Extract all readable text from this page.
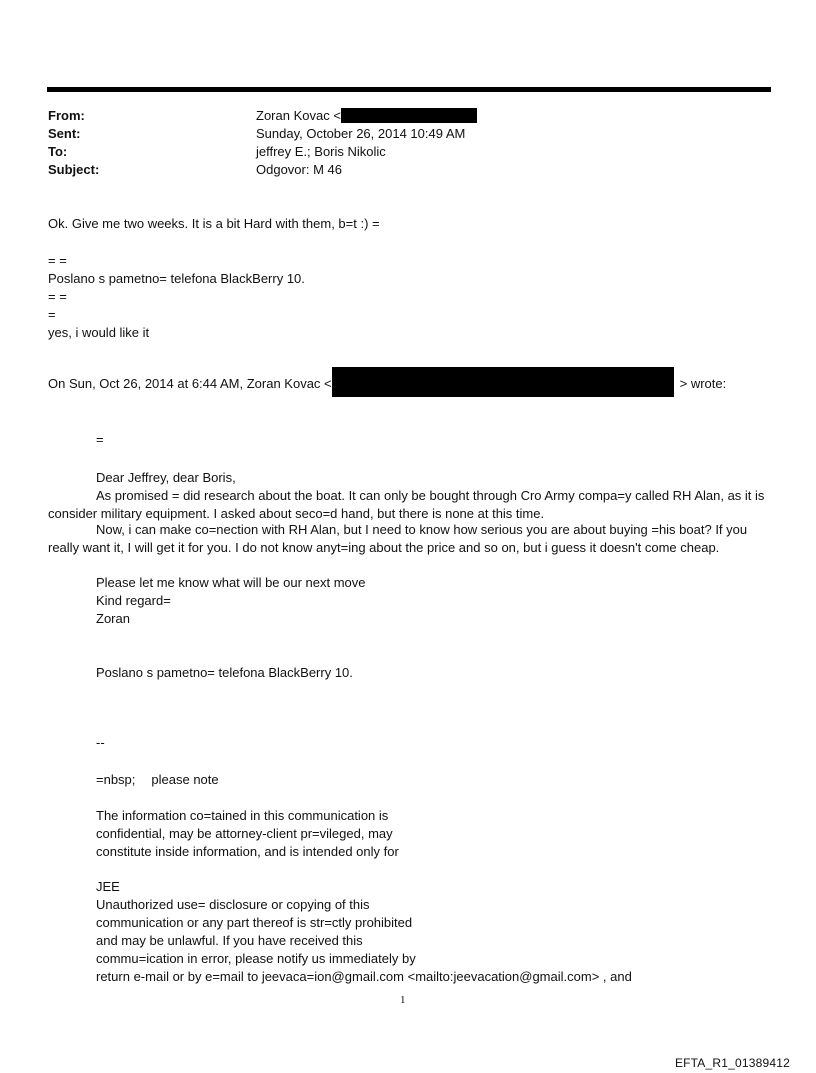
From:	Zoran Kovac <
Sent:	Sunday, October 26, 2014 10:49 AM
To:	jeffrey E.; Boris Nikolic
Subject:	Odgovor: M 46
Ok. Give me two weeks. It is a bit Hard with them, b=t :) =
= =
Poslano s pametno= telefona BlackBerry 10.
= =
=
yes, i would like it
On Sun, Oct 26, 2014 at 6:44 AM, Zoran Kovac <	> wrote:
=
Dear Jeffrey, dear Boris,
As promised = did research about the boat. It can only be bought through Cro Army compa=y called RH Alan, as it is consider military equipment. I asked about seco=d hand, but there is none at this time.
Now, i can make co=nection with RH Alan, but I need to know how serious you are about buying =his boat? If you really want it, I will get it for you. I do not know anyt=ing about the price and so on, but i guess it doesn't come cheap.
Please let me know what will be our next move
Kind regard=
Zoran
Poslano s pametno= telefona BlackBerry 10.
--
=nbsp; please note
The information co=tained in this communication is
confidential, may be attorney-client pr=vileged, may
constitute inside information, and is intended only for
JEE
Unauthorized use= disclosure or copying of this
communication or any part thereof is str=ctly prohibited
and may be unlawful. If you have received this
commu=ication in error, please notify us immediately by
return e-mail or by e=mail to jeevaca=ion@gmail.com <mailto:jeevacation@gmail.com> , and
1
EFTA_R1_01389412
